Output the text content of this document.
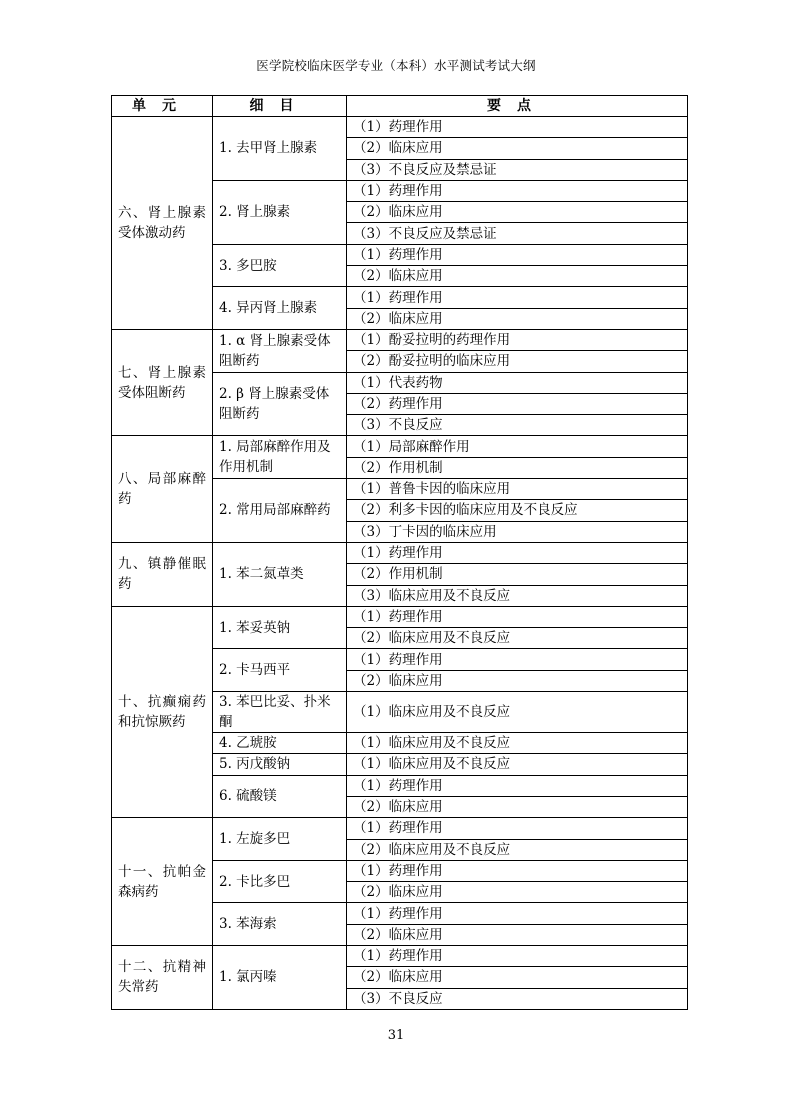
医学院校临床医学专业（本科）水平测试考试大纲
单元	细目	要点
六、肾上腺素受体激动药	1. 去甲肾上腺素	（1）药理作用
		（2）临床应用
		（3）不良反应及禁忌证
	2. 肾上腺素	（1）药理作用
		（2）临床应用
		（3）不良反应及禁忌证
	3. 多巴胺	（1）药理作用
		（2）临床应用
	4. 异丙肾上腺素	（1）药理作用
		（2）临床应用
七、肾上腺素受体阻断药	1. α 肾上腺素受体阻断药	（1）酚妥拉明的药理作用
		（2）酚妥拉明的临床应用
	2. β 肾上腺素受体阻断药	（1）代表药物
		（2）药理作用
		（3）不良反应
八、局部麻醉药	1. 局部麻醉作用及作用机制	（1）局部麻醉作用
		（2）作用机制
	2. 常用局部麻醉药	（1）普鲁卡因的临床应用
		（2）利多卡因的临床应用及不良反应
		（3）丁卡因的临床应用
九、镇静催眠药	1. 苯二氮䓬类	（1）药理作用
		（2）作用机制
		（3）临床应用及不良反应
十、抗癫痫药和抗惊厥药	1. 苯妥英钠	（1）药理作用
		（2）临床应用及不良反应
	2. 卡马西平	（1）药理作用
		（2）临床应用
	3. 苯巴比妥、扑米酮	（1）临床应用及不良反应
	4. 乙琥胺	（1）临床应用及不良反应
	5. 丙戊酸钠	（1）临床应用及不良反应
	6. 硫酸镁	（1）药理作用
		（2）临床应用
十一、抗帕金森病药	1. 左旋多巴	（1）药理作用
		（2）临床应用及不良反应
	2. 卡比多巴	（1）药理作用
		（2）临床应用
	3. 苯海索	（1）药理作用
		（2）临床应用
十二、抗精神失常药	1. 氯丙嗪	（1）药理作用
		（2）临床应用
		（3）不良反应
31
